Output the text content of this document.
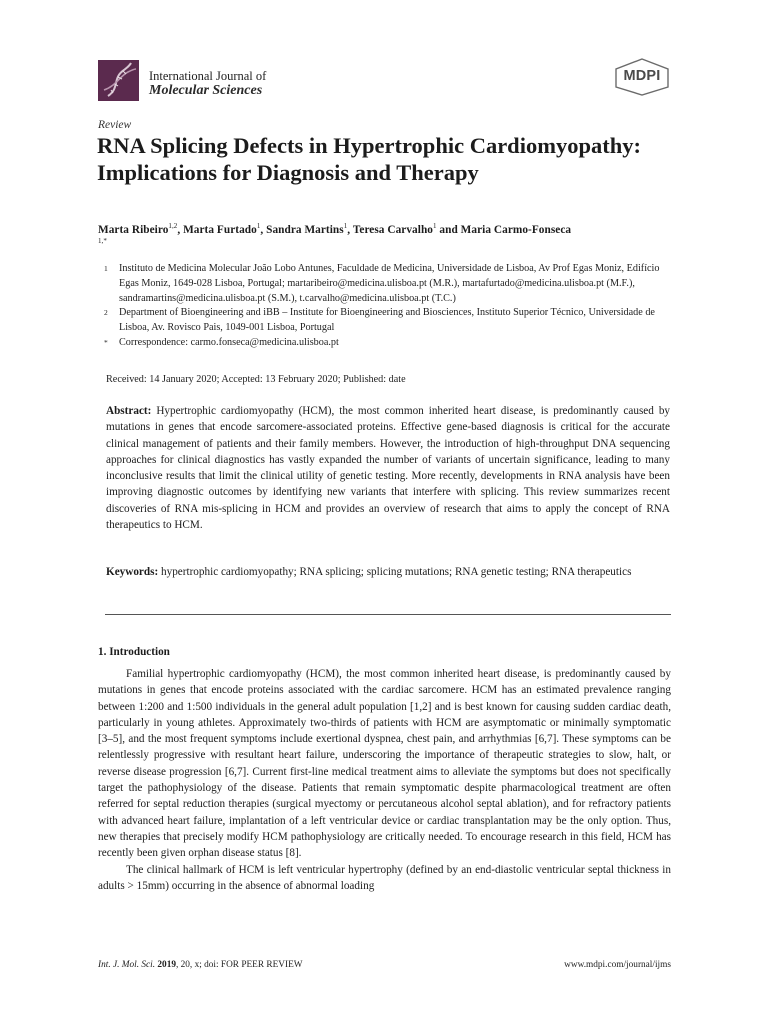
International Journal of
Molecular Sciences
MDPI
Review
RNA Splicing Defects in Hypertrophic Cardiomyopathy: Implications for Diagnosis and Therapy
Marta Ribeiro$^{1,2}$, Marta Furtado$^1$, Sandra Martins$^1$, Teresa Carvalho$^1$ and Maria Carmo-Fonseca
$^{1,*}$
1 Instituto de Medicina Molecular João Lobo Antunes, Faculdade de Medicina, Universidade de Lisboa, Av Prof Egas Moniz, Edifício Egas Moniz, 1649-028 Lisboa, Portugal; martaribeiro@medicina.ulisboa.pt (M.R.), martafurtado@medicina.ulisboa.pt (M.F.), sandramartins@medicina.ulisboa.pt (S.M.), t.carvalho@medicina.ulisboa.pt (T.C.)
2 Department of Bioengineering and iBB – Institute for Bioengineering and Biosciences, Instituto Superior Técnico, Universidade de Lisboa, Av. Rovisco Pais, 1049-001 Lisboa, Portugal
* Correspondence: carmo.fonseca@medicina.ulisboa.pt
Received: 14 January 2020; Accepted: 13 February 2020; Published: date

Abstract: Hypertrophic cardiomyopathy (HCM), the most common inherited heart disease, is predominantly caused by mutations in genes that encode sarcomere-associated proteins. Effective gene-based diagnosis is critical for the accurate clinical management of patients and their family members. However, the introduction of high-throughput DNA sequencing approaches for clinical diagnostics has vastly expanded the number of variants of uncertain significance, leading to many inconclusive results that limit the clinical utility of genetic testing. More recently, developments in RNA analysis have been improving diagnostic outcomes by identifying new variants that interfere with splicing. This review summarizes recent discoveries of RNA mis-splicing in HCM and provides an overview of research that aims to apply the concept of RNA therapeutics to HCM.

Keywords: hypertrophic cardiomyopathy; RNA splicing; splicing mutations; RNA genetic testing; RNA therapeutics

1. Introduction

Familial hypertrophic cardiomyopathy (HCM), the most common inherited heart disease, is predominantly caused by mutations in genes that encode proteins associated with the cardiac sarcomere. HCM has an estimated prevalence ranging between 1:200 and 1:500 individuals in the general adult population [1,2] and is best known for causing sudden cardiac death, particularly in young athletes. Approximately two-thirds of patients with HCM are asymptomatic or minimally symptomatic [3–5], and the most frequent symptoms include exertional dyspnea, chest pain, and arrhythmias [6,7]. These symptoms can be relentlessly progressive with resultant heart failure, underscoring the importance of therapeutic strategies to slow, halt, or reverse disease progression [6,7]. Current first-line medical treatment aims to alleviate the symptoms but does not specifically target the pathophysiology of the disease. Patients that remain symptomatic despite pharmacological treatment are often referred for septal reduction therapies (surgical myectomy or percutaneous alcohol septal ablation), and for refractory patients with advanced heart failure, implantation of a left ventricular device or cardiac transplantation may be the only option. Thus, new therapies that precisely modify HCM pathophysiology are critically needed. To encourage research in this field, HCM has recently been given orphan disease status [8].

The clinical hallmark of HCM is left ventricular hypertrophy (defined by an end-diastolic ventricular septal thickness in adults > 15mm) occurring in the absence of abnormal loading

Int. J. Mol. Sci. 2019, 20, x; doi: FOR PEER REVIEW	www.mdpi.com/journal/ijms
